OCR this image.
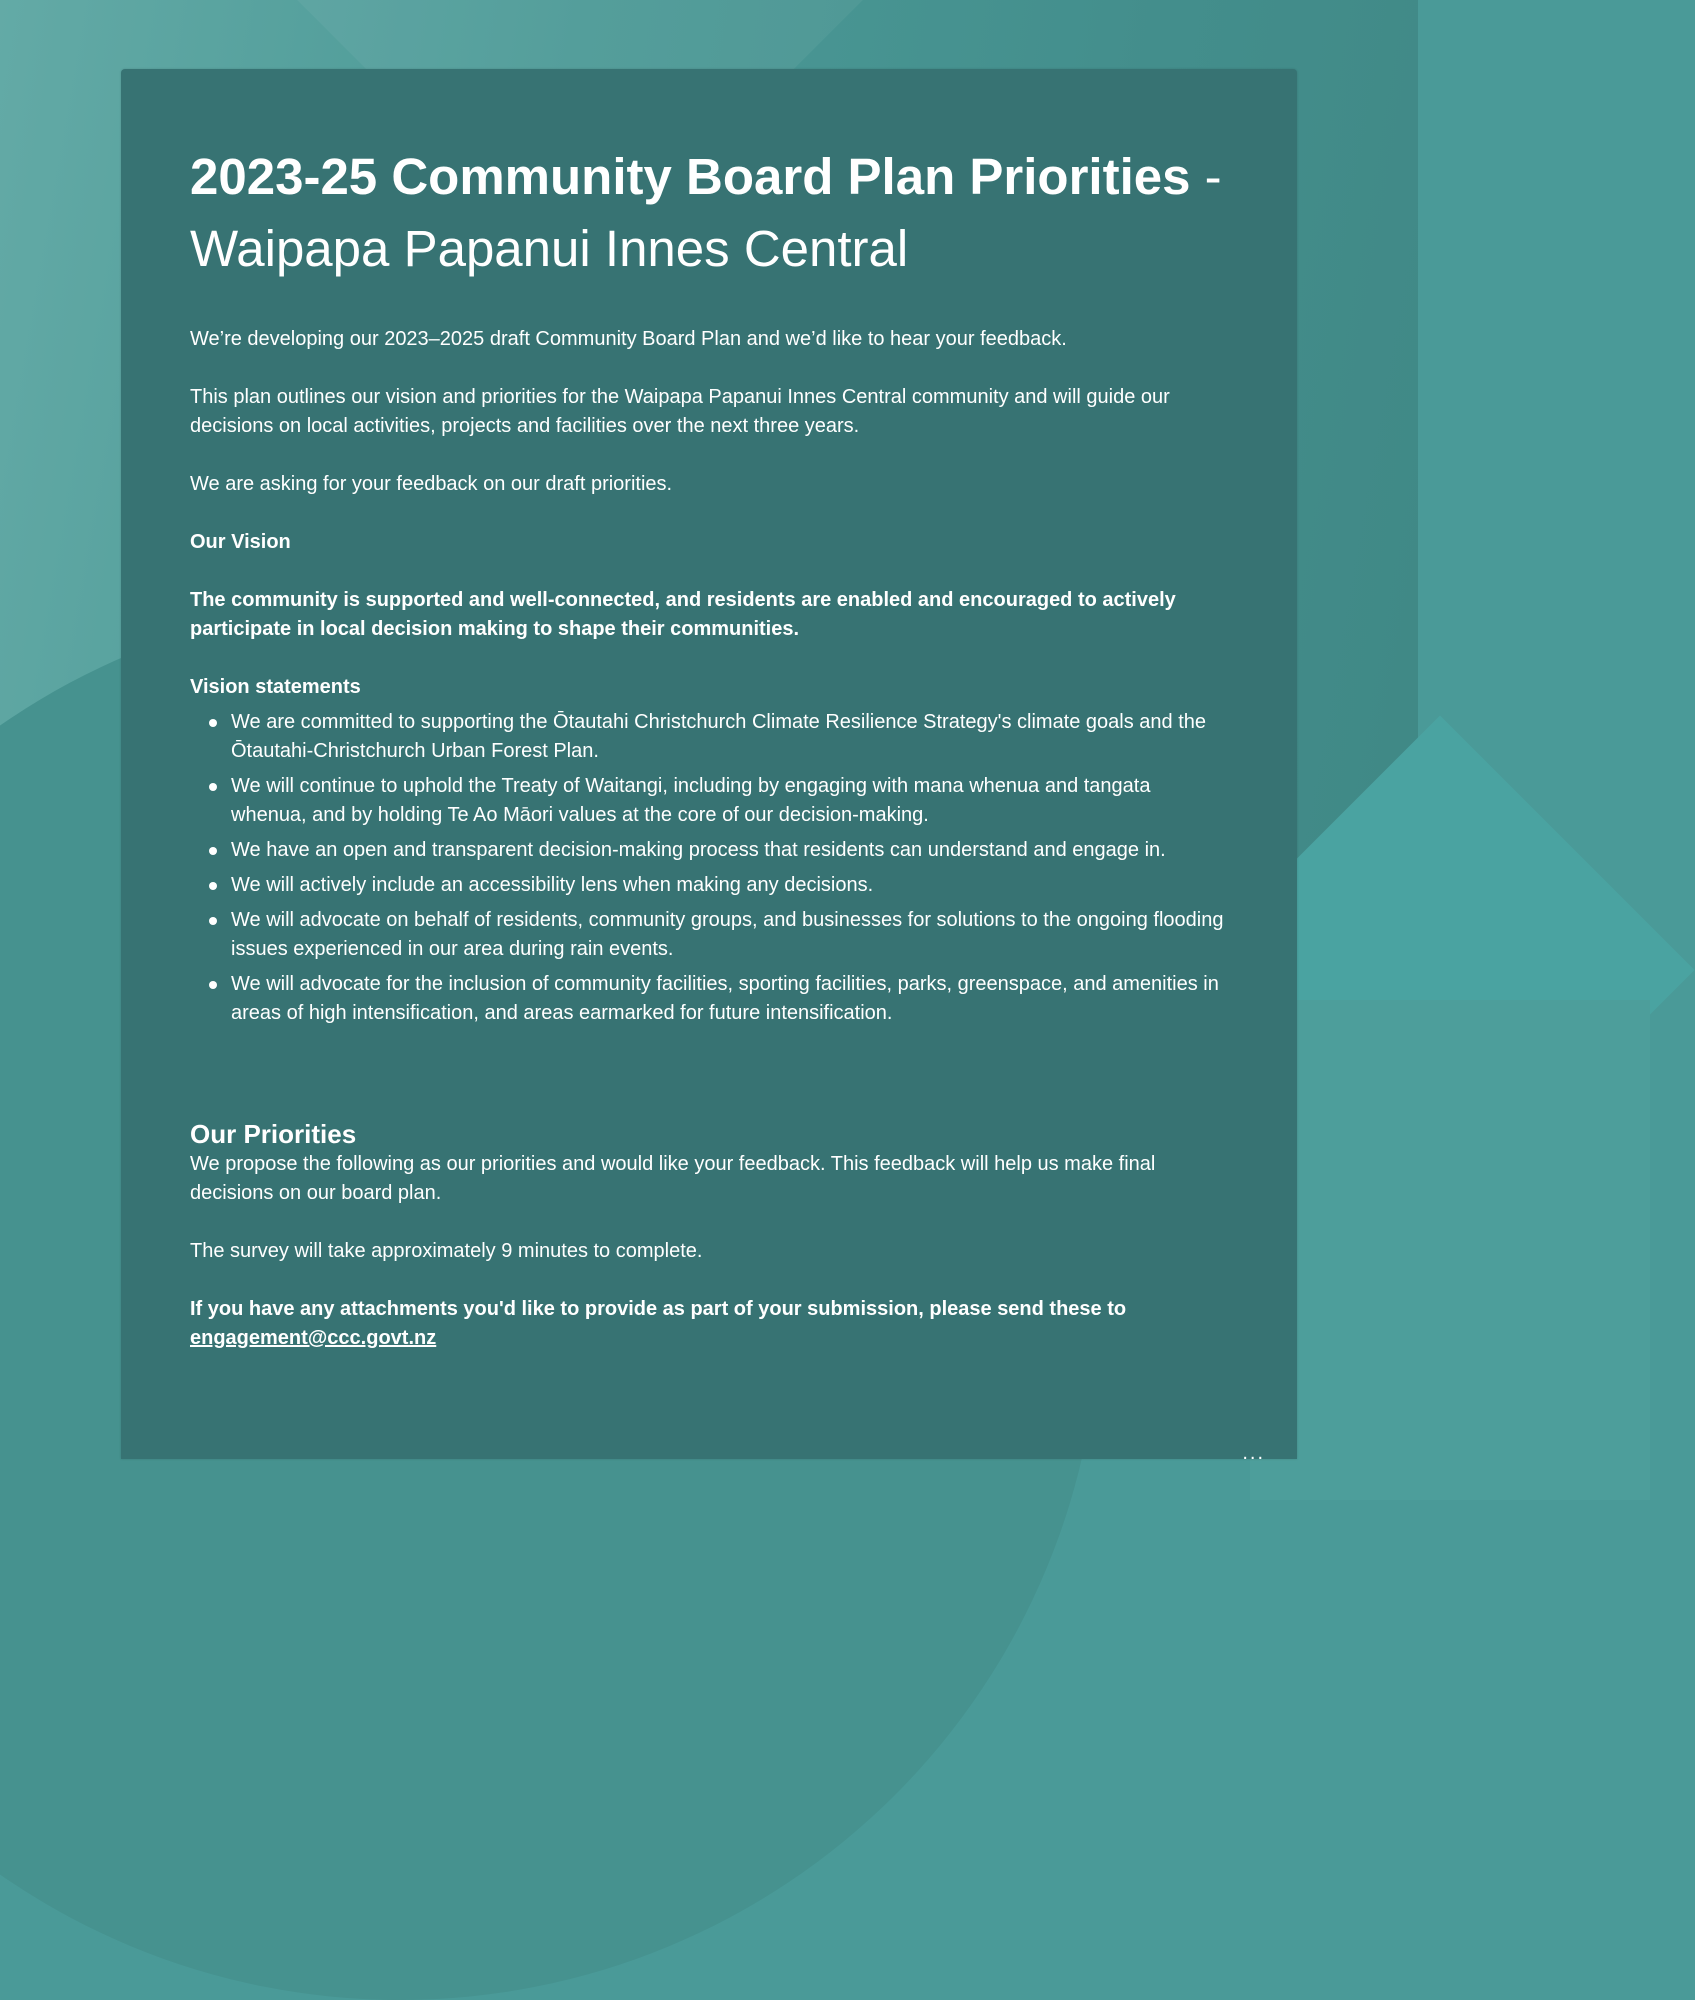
2023-25 Community Board Plan Priorities - Waipapa Papanui Innes Central

We’re developing our 2023–2025 draft Community Board Plan and we’d like to hear your feedback.

This plan outlines our vision and priorities for the Waipapa Papanui Innes Central community and will guide our decisions on local activities, projects and facilities over the next three years.

We are asking for your feedback on our draft priorities.

Our Vision

The community is supported and well-connected, and residents are enabled and encouraged to actively participate in local decision making to shape their communities.

Vision statements

We are committed to supporting the Ōtautahi Christchurch Climate Resilience Strategy's climate goals and the Ōtautahi-Christchurch Urban Forest Plan.
We will continue to uphold the Treaty of Waitangi, including by engaging with mana whenua and tangata whenua, and by holding Te Ao Māori values at the core of our decision-making.
We have an open and transparent decision-making process that residents can understand and engage in.
We will actively include an accessibility lens when making any decisions.
We will advocate on behalf of residents, community groups, and businesses for solutions to the ongoing flooding issues experienced in our area during rain events.
We will advocate for the inclusion of community facilities, sporting facilities, parks, greenspace, and amenities in areas of high intensification, and areas earmarked for future intensification.
Our Priorities

We propose the following as our priorities and would like your feedback. This feedback will help us make final decisions on our board plan.

The survey will take approximately 9 minutes to complete.

If you have any attachments you'd like to provide as part of your submission, please send these to engagement@ccc.govt.nz

...
